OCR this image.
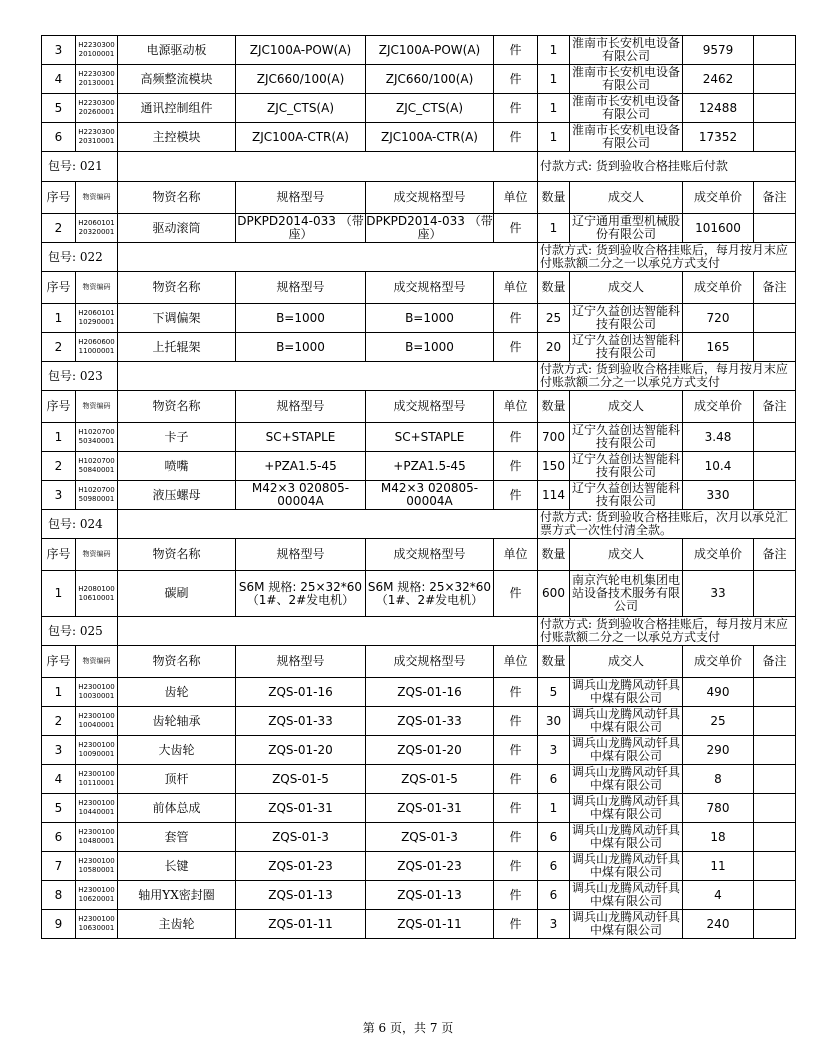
3	H2230300 20100001	电源驱动板	ZJC100A-POW(A)	ZJC100A-POW(A)	件	1	淮南市长安机电设备有限公司	9579	
4	H2230300 20130001	高频整流模块	ZJC660/100(A)	ZJC660/100(A)	件	1	淮南市长安机电设备有限公司	2462	
5	H2230300 20260001	通讯控制组件	ZJC_CTS(A)	ZJC_CTS(A)	件	1	淮南市长安机电设备有限公司	12488	
6	H2230300 20310001	主控模块	ZJC100A-CTR(A)	ZJC100A-CTR(A)	件	1	淮南市长安机电设备有限公司	17352	
包号: 021						付款方式: 货到验收合格挂账后付款			
序号	物资编码	物资名称	规格型号	成交规格型号	单位	数量	成交人	成交单价	备注
2	H2060101 20320001	驱动滚筒	DPKPD2014-033 （带座）	DPKPD2014-033 （带座）	件	1	辽宁通用重型机械股份有限公司	101600	
包号: 022						付款方式: 货到验收合格挂账后，每月按月末应付账款额二分之一以承兑方式支付			
序号	物资编码	物资名称	规格型号	成交规格型号	单位	数量	成交人	成交单价	备注
1	H2060101 10290001	下调偏架	B=1000	B=1000	件	25	辽宁久益创达智能科技有限公司	720	
2	H2060600 11000001	上托辊架	B=1000	B=1000	件	20	辽宁久益创达智能科技有限公司	165	
包号: 023						付款方式: 货到验收合格挂账后，每月按月末应付账款额二分之一以承兑方式支付			
序号	物资编码	物资名称	规格型号	成交规格型号	单位	数量	成交人	成交单价	备注
1	H1020700 50340001	卡子	SC+STAPLE	SC+STAPLE	件	700	辽宁久益创达智能科技有限公司	3.48	
2	H1020700 50840001	喷嘴	+PZA1.5-45	+PZA1.5-45	件	150	辽宁久益创达智能科技有限公司	10.4	
3	H1020700 50980001	液压螺母	M42×3 020805-00004A	M42×3 020805-00004A	件	114	辽宁久益创达智能科技有限公司	330	
包号: 024						付款方式: 货到验收合格挂账后，次月以承兑汇票方式一次性付清全款。			
序号	物资编码	物资名称	规格型号	成交规格型号	单位	数量	成交人	成交单价	备注
1	H2080100 10610001	碳刷	S6M 规格: 25×32*60（1#、2#发电机）	S6M 规格: 25×32*60（1#、2#发电机）	件	600	南京汽轮电机集团电站设备技术服务有限公司	33	
包号: 025						付款方式: 货到验收合格挂账后，每月按月末应付账款额二分之一以承兑方式支付			
序号	物资编码	物资名称	规格型号	成交规格型号	单位	数量	成交人	成交单价	备注
1	H2300100 10030001	齿轮	ZQS-01-16	ZQS-01-16	件	5	调兵山龙腾风动钎具中煤有限公司	490	
2	H2300100 10040001	齿轮轴承	ZQS-01-33	ZQS-01-33	件	30	调兵山龙腾风动钎具中煤有限公司	25	
3	H2300100 10090001	大齿轮	ZQS-01-20	ZQS-01-20	件	3	调兵山龙腾风动钎具中煤有限公司	290	
4	H2300100 10110001	顶杆	ZQS-01-5	ZQS-01-5	件	6	调兵山龙腾风动钎具中煤有限公司	8	
5	H2300100 10440001	前体总成	ZQS-01-31	ZQS-01-31	件	1	调兵山龙腾风动钎具中煤有限公司	780	
6	H2300100 10480001	套管	ZQS-01-3	ZQS-01-3	件	6	调兵山龙腾风动钎具中煤有限公司	18	
7	H2300100 10580001	长键	ZQS-01-23	ZQS-01-23	件	6	调兵山龙腾风动钎具中煤有限公司	11	
8	H2300100 10620001	轴用YX密封圈	ZQS-01-13	ZQS-01-13	件	6	调兵山龙腾风动钎具中煤有限公司	4	
9	H2300100 10630001	主齿轮	ZQS-01-11	ZQS-01-11	件	3	调兵山龙腾风动钎具中煤有限公司	240	
第 6 页，共 7 页
